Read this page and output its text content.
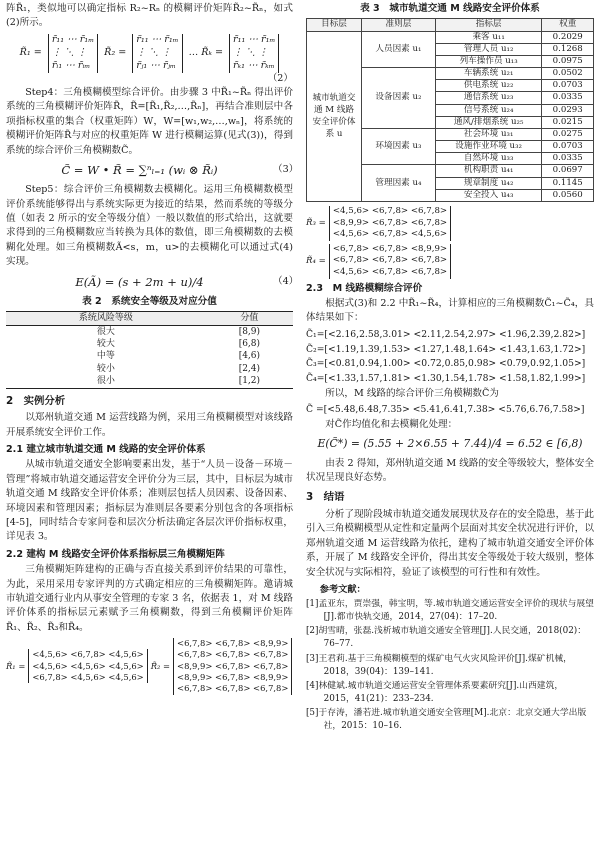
阵R̃₁，类似地可以确定指标 R₂~Rₙ 的模糊评价矩阵R̃₂~R̃ₙ，如式(2)所示。

R̃₁ =
r̃₁₁ ⋯ r̃₁ₘ
⋮ ⋱ ⋮
r̃ᵢ₁ ⋯ r̃ᵢₘ
R̃₂ =
r̃₁₁ ⋯ r̃₁ₘ
⋮ ⋱ ⋮
r̃ⱼ₁ ⋯ r̃ⱼₘ
… R̃ₖ =
r̃₁₁ ⋯ r̃₁ₘ
⋮ ⋱ ⋮
r̃ₖ₁ ⋯ r̃ₖₘ
（2）

Step4：三角模糊模型综合评价。由步骤 3 中R̃₁~R̃ₙ 得出评价系统的三角模糊评价矩阵R̃，R̃=[R̃₁,R̃₂,…,R̃ₙ]，再结合准则层中各项指标权重的集合（权重矩阵）W，W=[w₁,w₂,…,wₙ]，将系统的模糊评价矩阵R̃与对应的权重矩阵 W 进行模糊运算(见式(3))，得到系统的综合评价三角模糊数C̃。

C̃ = W • R̃ = ∑ⁿₗ₌₁ (wᵢ ⊗ R̃ᵢ)	（3）

Step5：综合评价三角模糊数去模糊化。运用三角模糊数模型评价系统能够得出与系统实际更为接近的结果，然而系统的等级分值（如表 2 所示的安全等级分值）一般以数值的形式给出，这就要求得到的三角模糊数应当转换为具体的数值，即三角模糊数的去模糊化处理。如三角模糊数Ã<s，m，u>的去模糊化可以通过式(4)实现。

E(Ã) = (s + 2m + u)/4	（4）
表 2　系统安全等级及对应分值
系统风险等级	分值
很大	[8,9)
较大	[6,8)
中等	[4,6)
较小	[2,4)
很小	[1,2)
2　实例分析

以郑州轨道交通 M 运营线路为例，采用三角模糊模型对该线路开展系统安全评价工作。

2.1 建立城市轨道交通 M 线路的安全评价体系

从城市轨道交通安全影响要素出发，基于“人员－设备－环境－管理”将城市轨道交通运营安全评价分为三层，其中，目标层为城市轨道交通 M 线路安全评价体系；准则层包括人员因素、设备因素、环境因素和管理因素；指标层为准则层各要素分别包含的各项指标[4-5]，同时结合专家问卷和层次分析法确定各层次评价指标权重，详见表 3。

2.2 建构 M 线路安全评价体系指标层三角模糊矩阵

三角模糊矩阵建构的正确与否直接关系到评价结果的可靠性，为此，采用采用专家评判的方式确定相应的三角模糊矩阵。邀请城市轨道交通行业内从事安全管理的专家 3 名，依据表 1，对 M 线路评价体系的指标层元素赋予三角模糊数，得到三角模糊评价矩阵R̃₁、R̃₂、R̃₃和R̃₄。

R̃₁ =
<4,5,6> <6,7,8> <4,5,6>
<4,5,6> <4,5,6> <4,5,6>
<6,7,8> <4,5,6> <4,5,6>
R̃₂ =
<6,7,8> <6,7,8> <8,9,9>
<6,7,8> <6,7,8> <6,7,8>
<8,9,9> <6,7,8> <6,7,8>
<8,9,9> <6,7,8> <8,9,9>
<6,7,8> <6,7,8> <6,7,8>
表 3　城市轨道交通 M 线路安全评价体系
目标层	准则层	指标层	权重
城市轨道交通 M 线路安全评价体系 u	人员因素 u₁	乘客 u₁₁	0.2029
		管理人员 u₁₂	0.1268
		列车操作员 u₁₃	0.0975
	设备因素 u₂	车辆系统 u₂₁	0.0502
		供电系统 u₂₂	0.0703
		通信系统 u₂₃	0.0335
		信号系统 u₂₄	0.0293
		通风/排烟系统 u₂₅	0.0215
	环境因素 u₃	社会环境 u₃₁	0.0275
		设施作业环境 u₃₂	0.0703
		自然环境 u₃₃	0.0335
	管理因素 u₄	机构职责 u₄₁	0.0697
		规章制度 u₄₂	0.1145
		安全投入 u₄₃	0.0560
R̃₃ =
<4,5,6> <6,7,8> <6,7,8>
<8,9,9> <6,7,8> <6,7,8>
<4,5,6> <6,7,8> <4,5,6>
R̃₄ =
<6,7,8> <6,7,8> <8,9,9>
<6,7,8> <6,7,8> <6,7,8>
<4,5,6> <6,7,8> <6,7,8>
2.3　M 线路模糊综合评价

根据式(3)和 2.2 中R̃₁~R̃₄，计算相应的三角模糊数C̃₁~C̃₄，具体结果如下：

C̃₁=[<2.16,2.58,3.01> <2.11,2.54,2.97> <1.96,2.39,2.82>]
C̃₂=[<1.19,1.39,1.53> <1.27,1.48,1.64> <1.43,1.63,1.72>]
C̃₃=[<0.81,0.94,1.00> <0.72,0.85,0.98> <0.79,0.92,1.05>]
C̃₄=[<1.33,1.57,1.81> <1.30,1.54,1.78> <1.58,1.82,1.99>]

所以，M 线路的综合评价三角模糊数C̃为

C̃ =[<5.48,6.48,7.35> <5.41,6.41,7.38> <5.76,6.76,7.58>]

对C̃作均值化和去模糊化处理：

E(C̃*) = (5.55 + 2×6.55 + 7.44)/4 = 6.52 ∈ [6,8)

由表 2 得知，郑州轨道交通 M 线路的安全等级较大，整体安全状况呈现良好态势。

3　结语

分析了现阶段城市轨道交通发展现状及存在的安全隐患，基于此引入三角模糊模型从定性和定量两个层面对其安全状况进行评价，以郑州轨道交通 M 运营线路为依托，建构了城市轨道交通安全评价体系，开展了 M 线路安全评价，得出其安全等级处于较大级别，整体安全状况与实际相符，验证了该模型的可行性和有效性。

参考文献：

[1]孟亚东，贾崇强，韩宝明，等.城市轨道交通运营安全评价的现状与展望[J].都市快轨交通，2014，27(04)：17–20.

[2]胡雪晴，张磊.浅析城市轨道交通安全管理[J].人民交通，2018(02)：76–77.

[3]王君莉.基于三角模糊模型的煤矿电气火灾风险评价[J].煤矿机械，2018，39(04)：139–141.

[4]林健斌.城市轨道交通运营安全管理体系要素研究[J].山西建筑，2015，41(21)：233–234.

[5]于存涛，潘若进.城市轨道交通安全管理[M].北京：北京交通大学出版社，2015：10–16.
